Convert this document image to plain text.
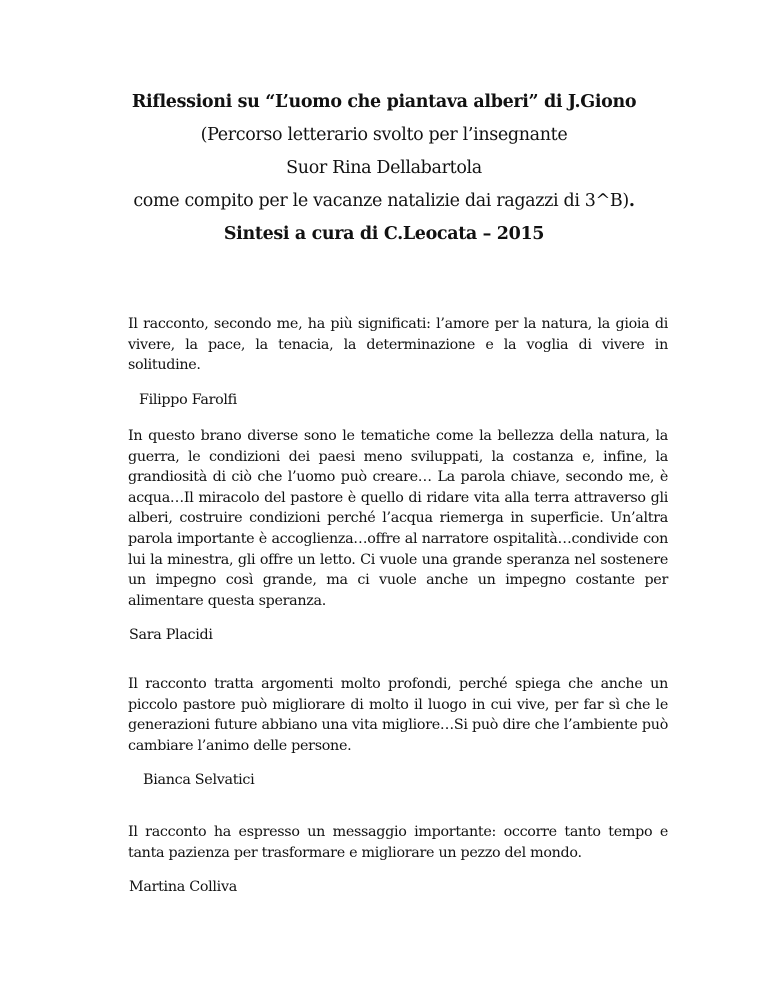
Riflessioni su “L’uomo che piantava alberi” di J.Giono
(Percorso letterario svolto per l’insegnante
Suor Rina Dellabartola
come compito per le vacanze natalizie dai ragazzi di 3^B).
Sintesi a cura di C.Leocata – 2015

Il racconto, secondo me, ha più significati: l’amore per la natura, la gioia di vivere, la pace, la tenacia, la determinazione e la voglia di vivere in solitudine.

Filippo Farolfi

In questo brano diverse sono le tematiche come la bellezza della natura, la guerra, le condizioni dei paesi meno sviluppati, la costanza e, infine, la grandiosità di ciò che l’uomo può creare… La parola chiave, secondo me, è acqua…Il miracolo del pastore è quello di ridare vita alla terra attraverso gli alberi, costruire condizioni perché l’acqua riemerga in superficie. Un’altra parola importante è accoglienza…offre al narratore ospitalità…condivide con lui la minestra, gli offre un letto. Ci vuole una grande speranza nel sostenere un impegno così grande, ma ci vuole anche un impegno costante per alimentare questa speranza.

Sara Placidi

Il racconto tratta argomenti molto profondi, perché spiega che anche un piccolo pastore può migliorare di molto il luogo in cui vive, per far sì che le generazioni future abbiano una vita migliore…Si può dire che l’ambiente può cambiare l’animo delle persone.

Bianca Selvatici

Il racconto ha espresso un messaggio importante: occorre tanto tempo e tanta pazienza per trasformare e migliorare un pezzo del mondo.

Martina Colliva
